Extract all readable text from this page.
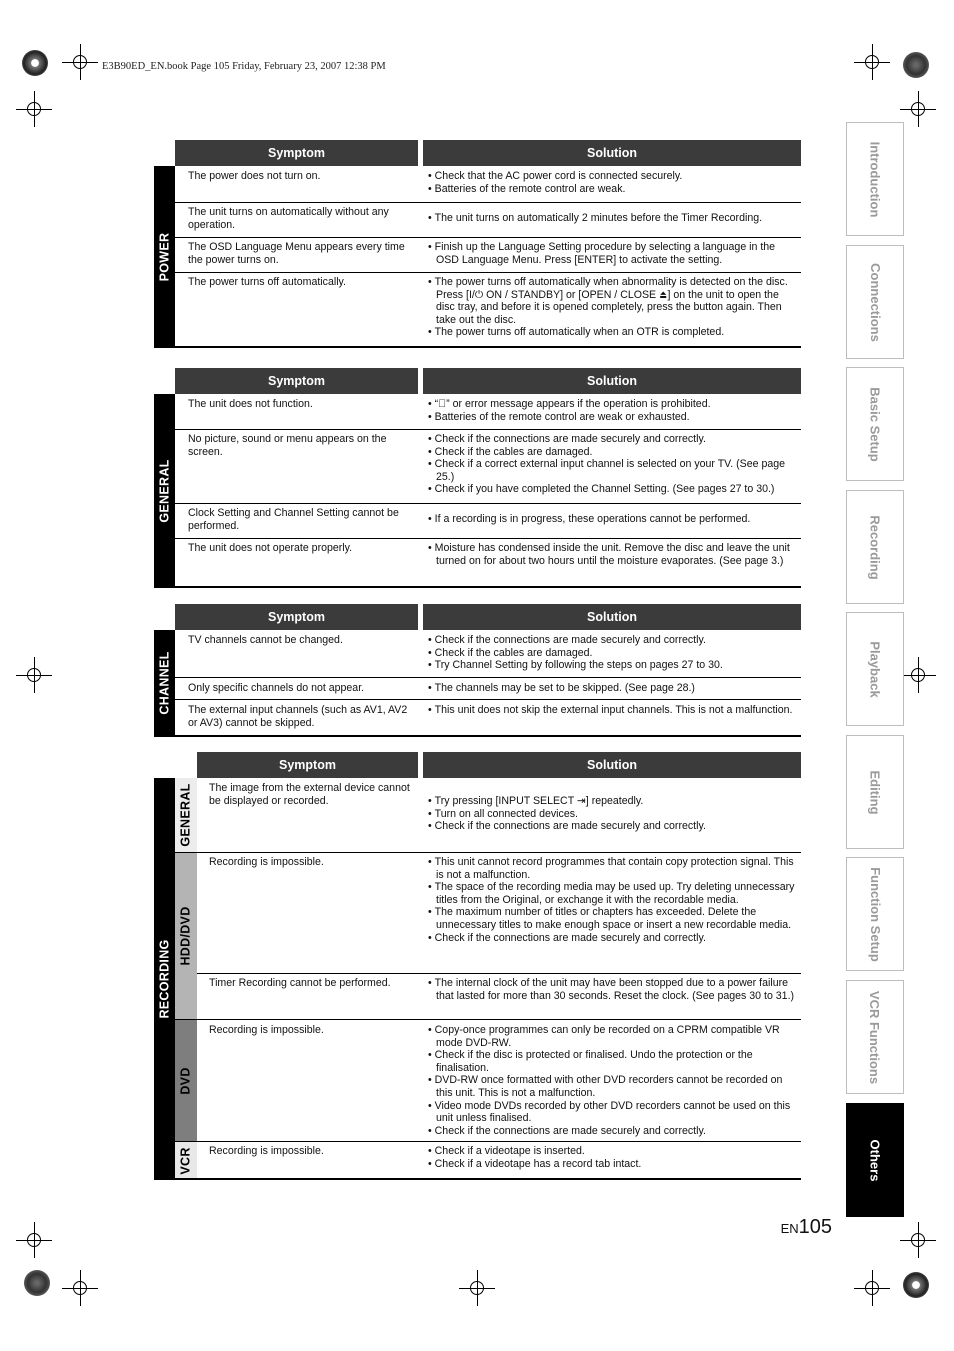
E3B90ED_EN.book Page 105 Friday, February 23, 2007 12:38 PM
Symptom	Solution
POWER
The power does not turn on.	• Check that the AC power cord is connected securely.
• Batteries of the remote control are weak.
The unit turns on automatically without any operation.
• The unit turns on automatically 2 minutes before the Timer Recording.
The OSD Language Menu appears every time the power turns on.
• Finish up the Language Setting procedure by selecting a language in the OSD Language Menu. Press [ENTER] to activate the setting.
The power turns off automatically.	• The power turns off automatically when abnormality is detected on the disc. Press [I/⏻ ON / STANDBY] or [OPEN / CLOSE ⏏] on the unit to open the disc tray, and before it is opened completely, press the button again. Then take out the disc.
• The power turns off automatically when an OTR is completed.
Symptom	Solution
GENERAL
The unit does not function.	• “⃠” or error message appears if the operation is prohibited.
• Batteries of the remote control are weak or exhausted.
No picture, sound or menu appears on the screen.
• Check if the connections are made securely and correctly.
• Check if the cables are damaged.
• Check if a correct external input channel is selected on your TV. (See page 25.)
• Check if you have completed the Channel Setting. (See pages 27 to 30.)
Clock Setting and Channel Setting cannot be performed.
• If a recording is in progress, these operations cannot be performed.
The unit does not operate properly.	• Moisture has condensed inside the unit. Remove the disc and leave the unit turned on for about two hours until the moisture evaporates. (See page 3.)
Symptom	Solution
CHANNEL
TV channels cannot be changed.	• Check if the connections are made securely and correctly.
• Check if the cables are damaged.
• Try Channel Setting by following the steps on pages 27 to 30.
Only specific channels do not appear.	• The channels may be set to be skipped. (See page 28.)
The external input channels (such as AV1, AV2 or AV3) cannot be skipped.
• This unit does not skip the external input channels. This is not a malfunction.
Symptom	Solution
RECORDING
GENERAL The image from the external device cannot be displayed or recorded.	• Try pressing [INPUT SELECT ⇥] repeatedly.
• Turn on all connected devices.
• Check if the connections are made securely and correctly.
HDD/DVD
Recording is impossible.	• This unit cannot record programmes that contain copy protection signal. This is not a malfunction.
• The space of the recording media may be used up. Try deleting unnecessary titles from the Original, or exchange it with the recordable media.
• The maximum number of titles or chapters has exceeded. Delete the unnecessary titles to make enough space or insert a new recordable media.
• Check if the connections are made securely and correctly.
Timer Recording cannot be performed.	• The internal clock of the unit may have been stopped due to a power failure that lasted for more than 30 seconds. Reset the clock. (See pages 30 to 31.)
DVD
Recording is impossible.	• Copy-once programmes can only be recorded on a CPRM compatible VR mode DVD-RW.
• Check if the disc is protected or finalised. Undo the protection or the finalisation.
• DVD-RW once formatted with other DVD recorders cannot be recorded on this unit. This is not a malfunction.
• Video mode DVDs recorded by other DVD recorders cannot be used on this unit unless finalised.
• Check if the connections are made securely and correctly.
VCR Recording is impossible.	• Check if a videotape is inserted.
• Check if a videotape has a record tab intact.
Introduction
Connections
Basic Setup
Recording
Playback
Editing
Function Setup
VCR Functions
Others
EN105
